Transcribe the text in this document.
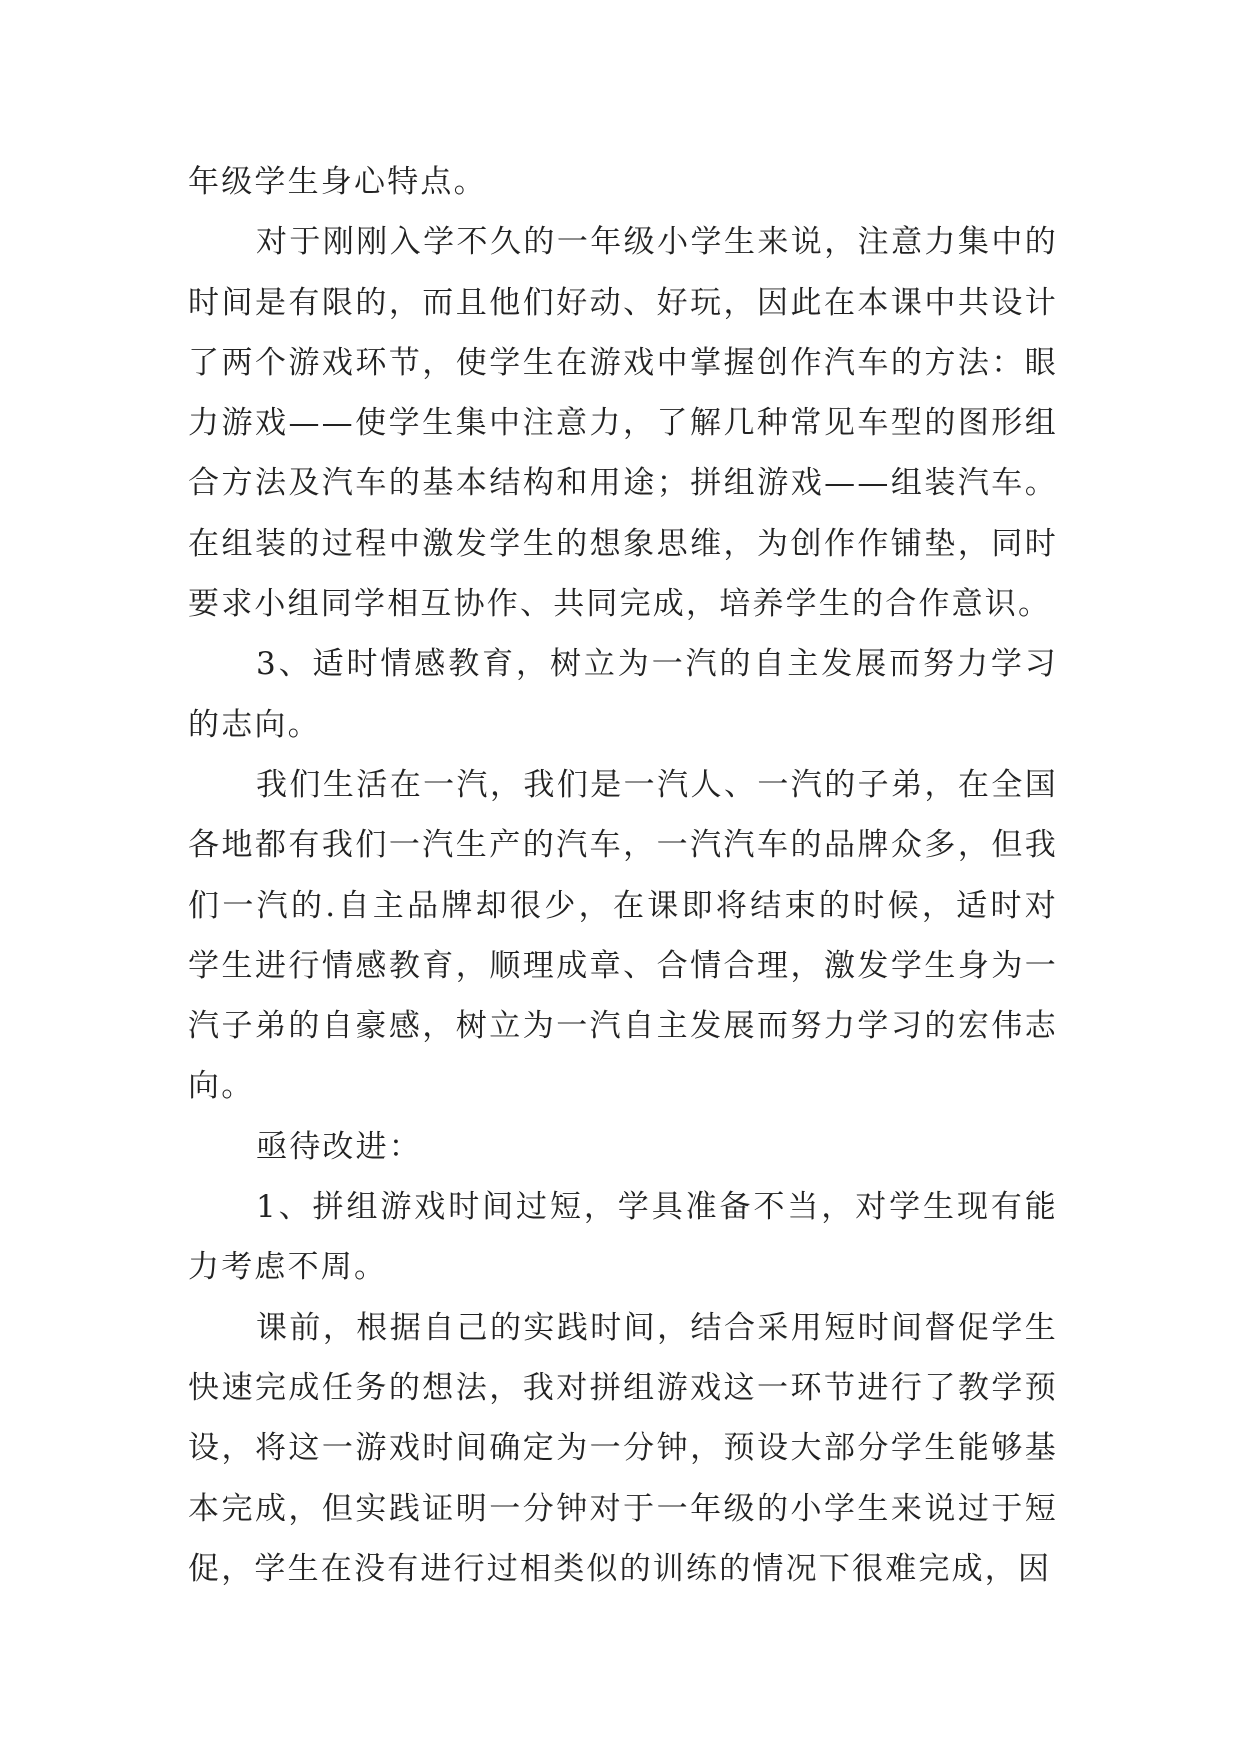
年级学生身心特点。

对于刚刚入学不久的一年级小学生来说，注意力集中的时间是有限的，而且他们好动、好玩，因此在本课中共设计了两个游戏环节，使学生在游戏中掌握创作汽车的方法：眼力游戏——使学生集中注意力，了解几种常见车型的图形组合方法及汽车的基本结构和用途；拼组游戏——组装汽车。在组装的过程中激发学生的想象思维，为创作作铺垫，同时要求小组同学相互协作、共同完成，培养学生的合作意识。

3、适时情感教育，树立为一汽的自主发展而努力学习的志向。

我们生活在一汽，我们是一汽人、一汽的子弟，在全国各地都有我们一汽生产的汽车，一汽汽车的品牌众多，但我们一汽的.自主品牌却很少，在课即将结束的时候，适时对学生进行情感教育，顺理成章、合情合理，激发学生身为一汽子弟的自豪感，树立为一汽自主发展而努力学习的宏伟志向。

亟待改进：

1、拼组游戏时间过短，学具准备不当，对学生现有能力考虑不周。

课前，根据自己的实践时间，结合采用短时间督促学生快速完成任务的想法，我对拼组游戏这一环节进行了教学预设，将这一游戏时间确定为一分钟，预设大部分学生能够基本完成，但实践证明一分钟对于一年级的小学生来说过于短促，学生在没有进行过相类似的训练的情况下很难完成，因
